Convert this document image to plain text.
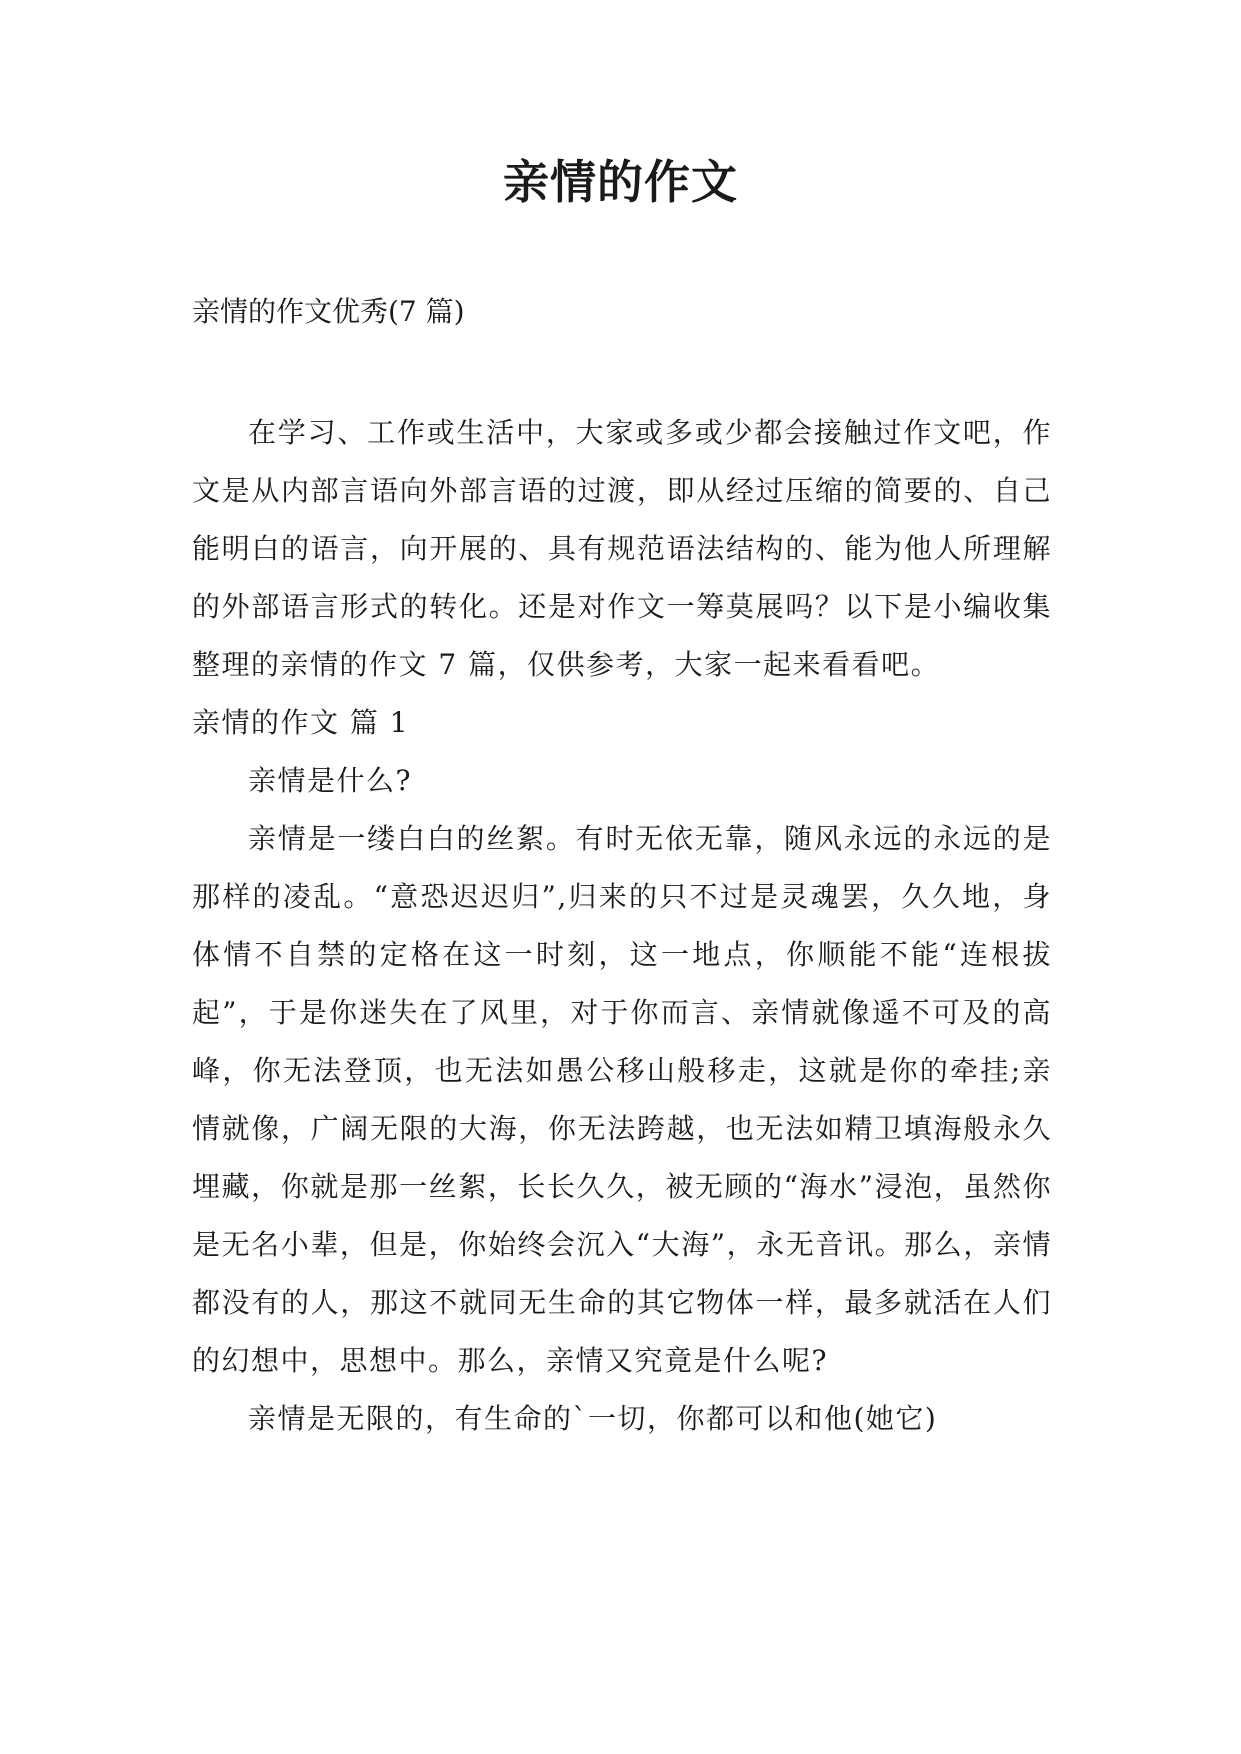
亲情的作文

亲情的作文优秀(7 篇)

在学习、工作或生活中，大家或多或少都会接触过作文吧，作文是从内部言语向外部言语的过渡，即从经过压缩的简要的、自己能明白的语言，向开展的、具有规范语法结构的、能为他人所理解的外部语言形式的转化。还是对作文一筹莫展吗？以下是小编收集整理的亲情的作文 7 篇，仅供参考，大家一起来看看吧。

亲情的作文 篇 1

亲情是什么?

亲情是一缕白白的丝絮。有时无依无靠，随风永远的永远的是那样的凌乱。“意恐迟迟归”,归来的只不过是灵魂罢，久久地，身体情不自禁的定格在这一时刻，这一地点，你顺能不能“连根拔起”，于是你迷失在了风里，对于你而言、亲情就像遥不可及的高峰，你无法登顶，也无法如愚公移山般移走，这就是你的牵挂;亲情就像，广阔无限的大海，你无法跨越，也无法如精卫填海般永久埋藏，你就是那一丝絮，长长久久，被无顾的“海水”浸泡，虽然你是无名小辈，但是，你始终会沉入“大海”，永无音讯。那么，亲情都没有的人，那这不就同无生命的其它物体一样，最多就活在人们的幻想中，思想中。那么，亲情又究竟是什么呢?

亲情是无限的，有生命的`一切，你都可以和他(她它)
